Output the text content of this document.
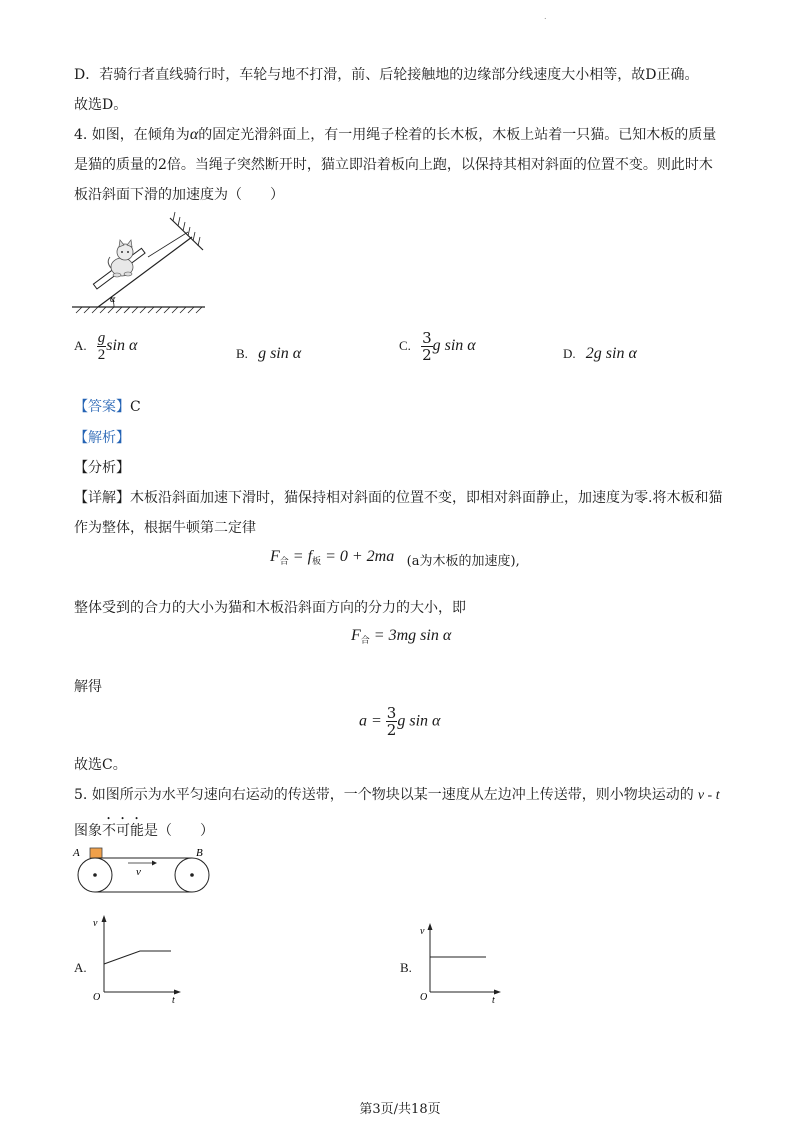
.
D．若骑行者直线骑行时，车轮与地不打滑，前、后轮接触地的边缘部分线速度大小相等，故D正确。
故选D。
4. 如图，在倾角为α的固定光滑斜面上，有一用绳子栓着的长木板，木板上站着一只猫。已知木板的质量
是猫的质量的2倍。当绳子突然断开时，猫立即沿着板向上跑，以保持其相对斜面的位置不变。则此时木
板沿斜面下滑的加速度为（　　）
α
A. $\frac{g}{2}$ sin α	B. g sin α	C. $\frac{3}{2}$ g sin α	D. 2g sin α
【答案】C
【解析】
【分析】
【详解】木板沿斜面加速下滑时，猫保持相对斜面的位置不变，即相对斜面静止，加速度为零.将木板和猫
作为整体，根据牛顿第二定律
$F_合 = f_板 = 0 + 2ma$ (a为木板的加速度),
整体受到的合力的大小为猫和木板沿斜面方向的分力的大小，即
$F_合 = 3mg$ sin α
解得
$a = \frac{3}{2}$ g sin α
故选C。
5. 如图所示为水平匀速向右运动的传送带，一个物块以某一速度从左边冲上传送带，则小物块运动的 v - t
图象不可能是（　　）
A	B
v
A.
v
t
O
B.
v
t
O
第3页/共18页
